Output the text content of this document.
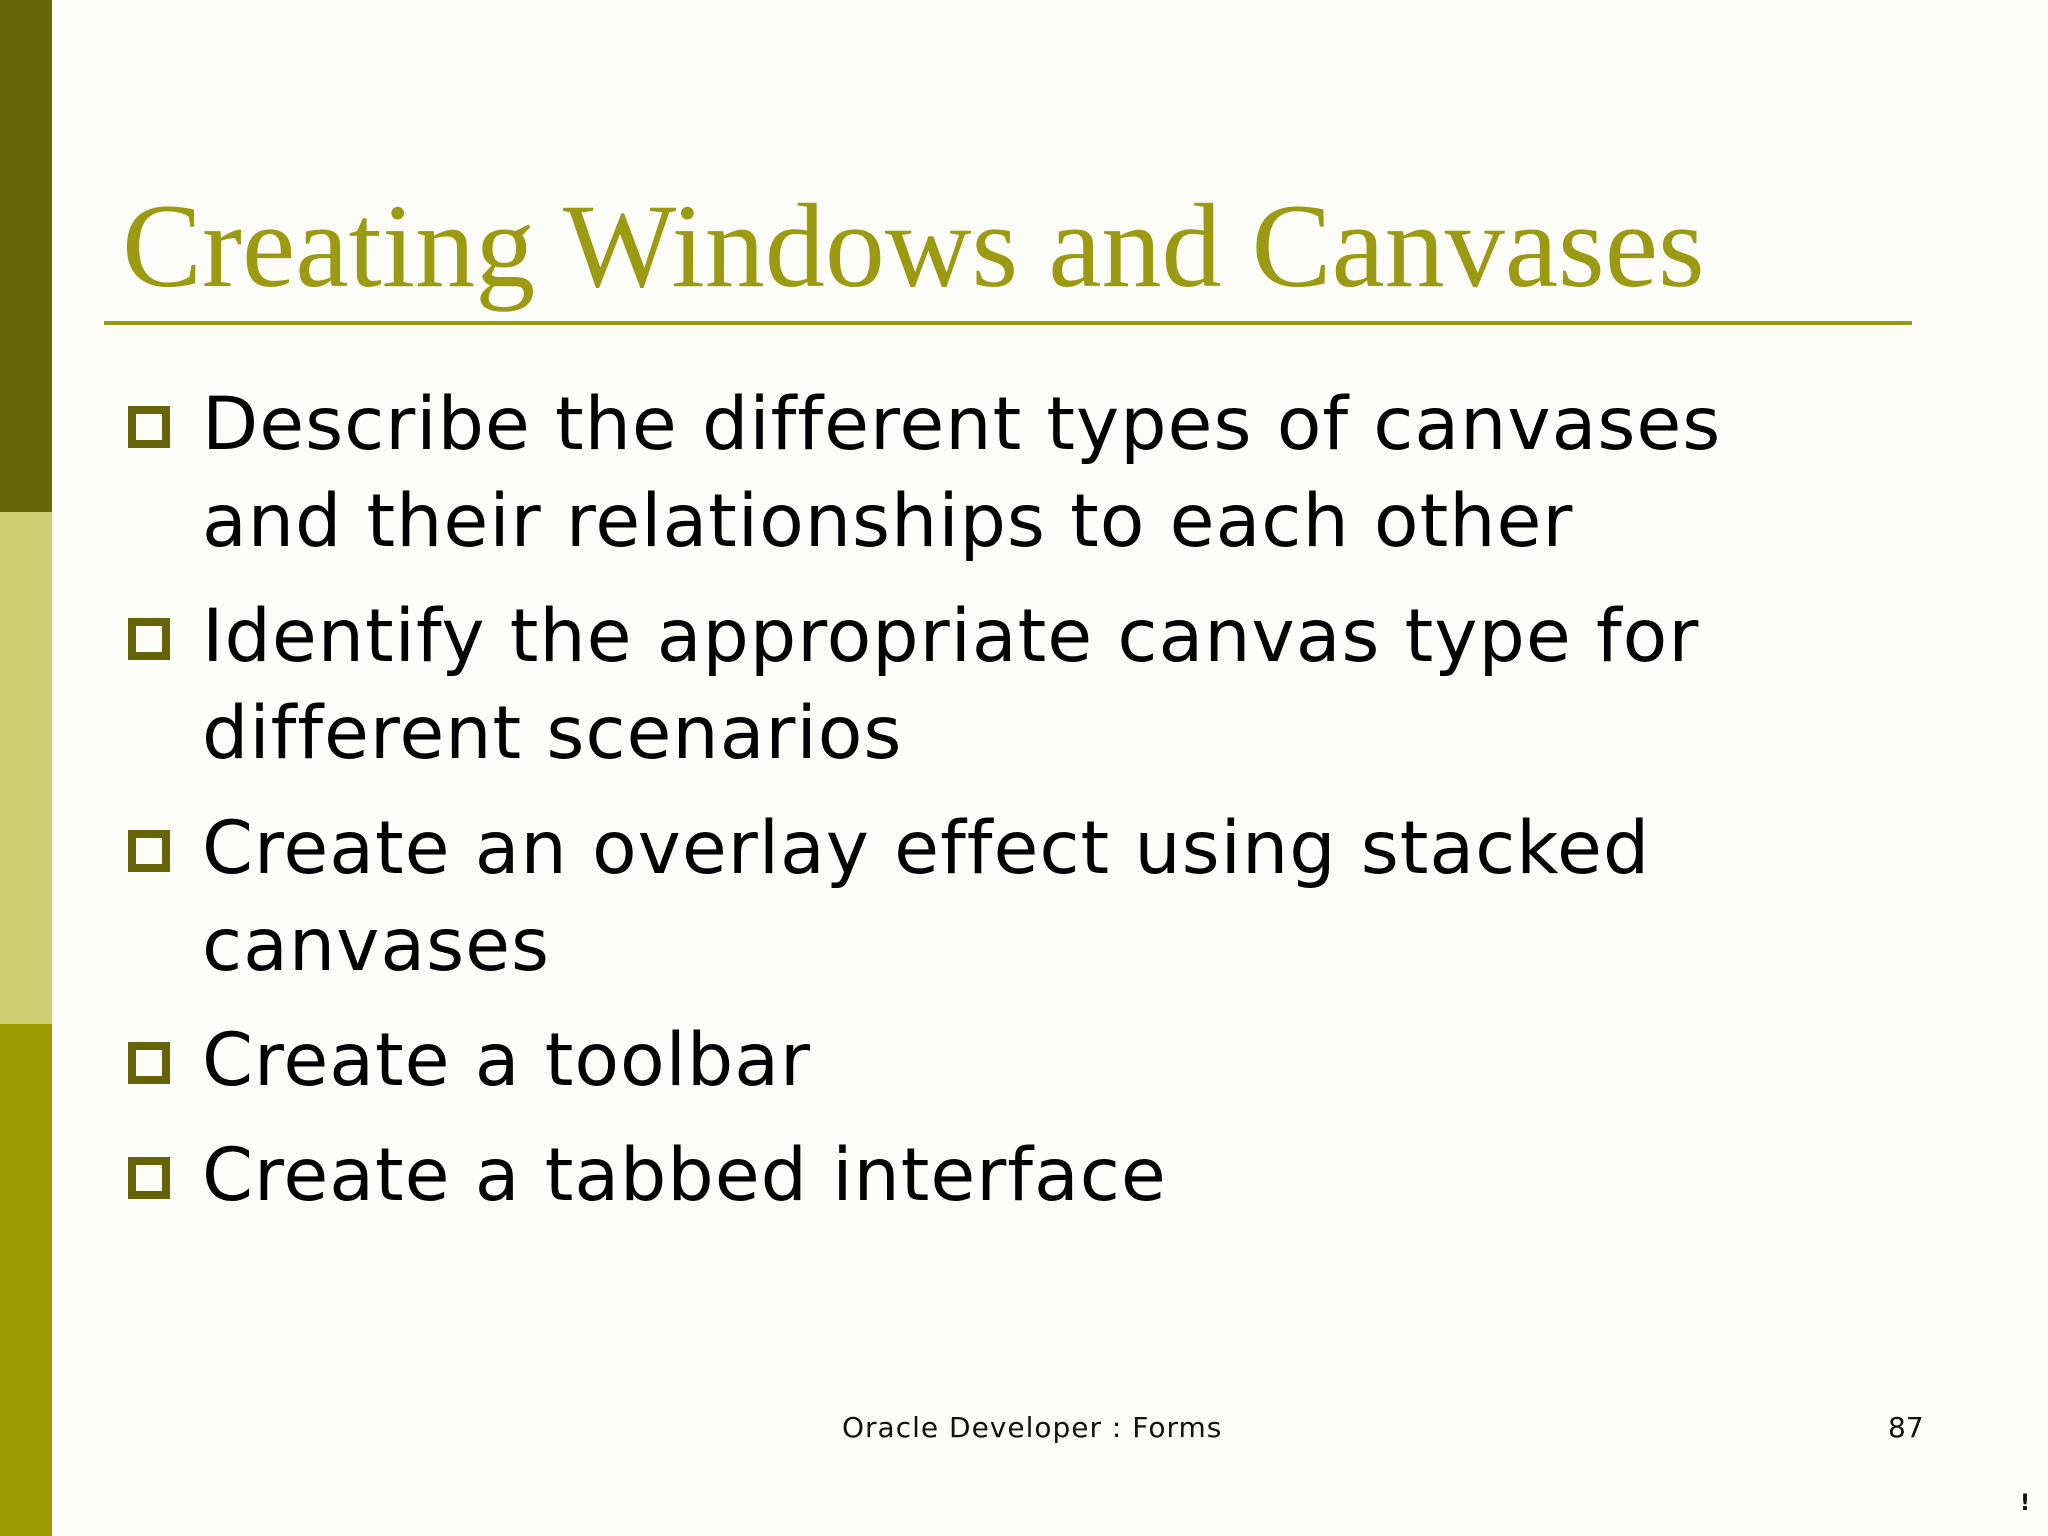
Creating Windows and Canvases
Describe the different types of canvases
and their relationships to each other
Identify the appropriate canvas type for
different scenarios
Create an overlay effect using stacked
canvases
Create a toolbar
Create a tabbed interface
Oracle Developer : Forms	87
!
